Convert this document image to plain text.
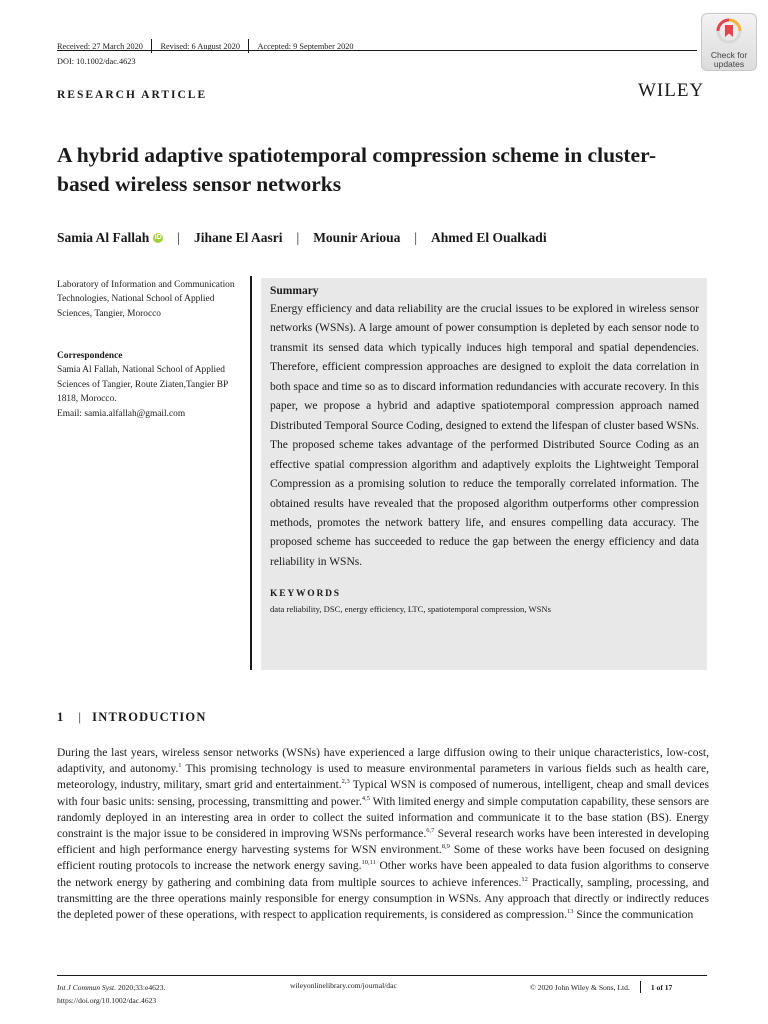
Received: 27 March 2020 Revised: 6 August 2020 Accepted: 9 September 2020
DOI: 10.1002/dac.4623
Check for
updates
WILEY
RESEARCH ARTICLE
A hybrid adaptive spatiotemporal compression scheme in cluster-based wireless sensor networks
Samia Al Fallah iD | Jihane El Aasri | Mounir Arioua | Ahmed El Oualkadi
Laboratory of Information and Communication Technologies, National School of Applied Sciences, Tangier, Morocco
Correspondence
Samia Al Fallah, National School of Applied Sciences of Tangier, Route Ziaten,Tangier BP 1818, Morocco.
Email: samia.alfallah@gmail.com
Summary

Energy efficiency and data reliability are the crucial issues to be explored in wireless sensor networks (WSNs). A large amount of power consumption is depleted by each sensor node to transmit its sensed data which typically induces high temporal and spatial dependencies. Therefore, efficient compression approaches are designed to exploit the data correlation in both space and time so as to discard information redundancies with accurate recovery. In this paper, we propose a hybrid and adaptive spatiotemporal compression approach named Distributed Temporal Source Coding, designed to extend the lifespan of cluster based WSNs. The proposed scheme takes advantage of the performed Distributed Source Coding as an effective spatial compression algorithm and adaptively exploits the Lightweight Temporal Compression as a promising solution to reduce the temporally correlated information. The obtained results have revealed that the proposed algorithm outperforms other compression methods, promotes the network battery life, and ensures compelling data accuracy. The proposed scheme has succeeded to reduce the gap between the energy efficiency and data reliability in WSNs.

KEYWORDS
data reliability, DSC, energy efficiency, LTC, spatiotemporal compression, WSNs
1 | INTRODUCTION

During the last years, wireless sensor networks (WSNs) have experienced a large diffusion owing to their unique characteristics, low-cost, adaptivity, and autonomy.$^1$ This promising technology is used to measure environmental parameters in various fields such as health care, meteorology, industry, military, smart grid and entertainment.$^{2,3}$ Typical WSN is composed of numerous, intelligent, cheap and small devices with four basic units: sensing, processing, transmitting and power.$^{4,5}$ With limited energy and simple computation capability, these sensors are randomly deployed in an interesting area in order to collect the suited information and communicate it to the base station (BS). Energy constraint is the major issue to be considered in improving WSNs performance.$^{6,7}$ Several research works have been interested in developing efficient and high performance energy harvesting systems for WSN environment.$^{8,9}$ Some of these works have been focused on designing efficient routing protocols to increase the network energy saving.$^{10,11}$ Other works have been appealed to data fusion algorithms to conserve the network energy by gathering and combining data from multiple sources to achieve inferences.$^{12}$ Practically, sampling, processing, and transmitting are the three operations mainly responsible for energy consumption in WSNs. Any approach that directly or indirectly reduces the depleted power of these operations, with respect to application requirements, is considered as compression.$^{13}$ Since the communication

Int J Commun Syst. 2020;33:e4623.
https://doi.org/10.1002/dac.4623
wileyonlinelibrary.com/journal/dac	© 2020 John Wiley & Sons, Ltd.	1 of 17
